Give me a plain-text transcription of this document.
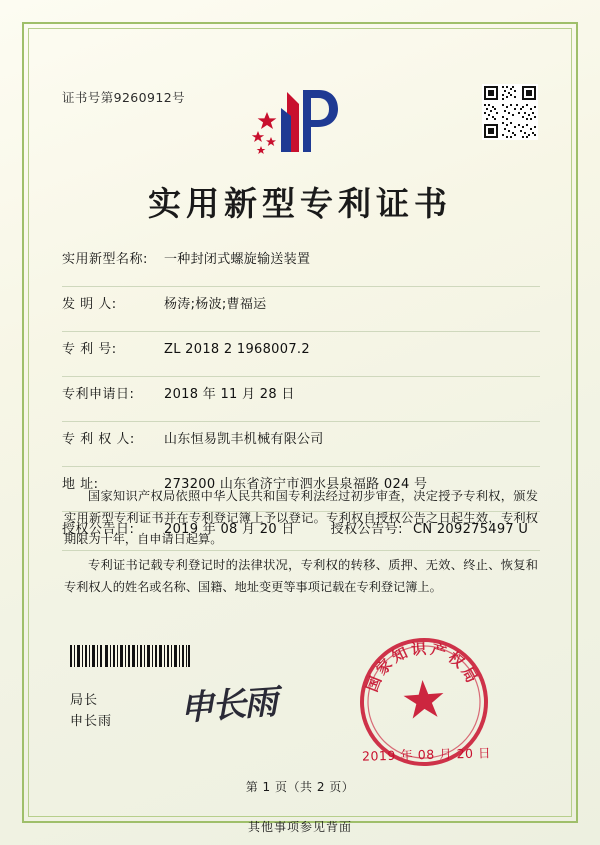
证书号第9260912号
实用新型专利证书
实用新型名称:	一种封闭式螺旋输送装置
发 明 人:	杨涛;杨波;曹福运
专 利 号:	ZL 2018 2 1968007.2
专利申请日:	2018 年 11 月 28 日
专 利 权 人:	山东恒易凯丰机械有限公司
地 址:	273200 山东省济宁市泗水县泉福路 024 号
授权公告日:	2019 年 08 月 20 日	授权公告号: CN 209275497 U

国家知识产权局依照中华人民共和国专利法经过初步审查，决定授予专利权，颁发实用新型专利证书并在专利登记簿上予以登记。专利权自授权公告之日起生效，专利权期限为十年，自申请日起算。

专利证书记载专利登记时的法律状况，专利权的转移、质押、无效、终止、恢复和专利权人的姓名或名称、国籍、地址变更等事项记载在专利登记簿上。

局长
申长雨 申长雨	国家知识产权局
2019 年 08 月 20 日
第 1 页（共 2 页）
其他事项参见背面
